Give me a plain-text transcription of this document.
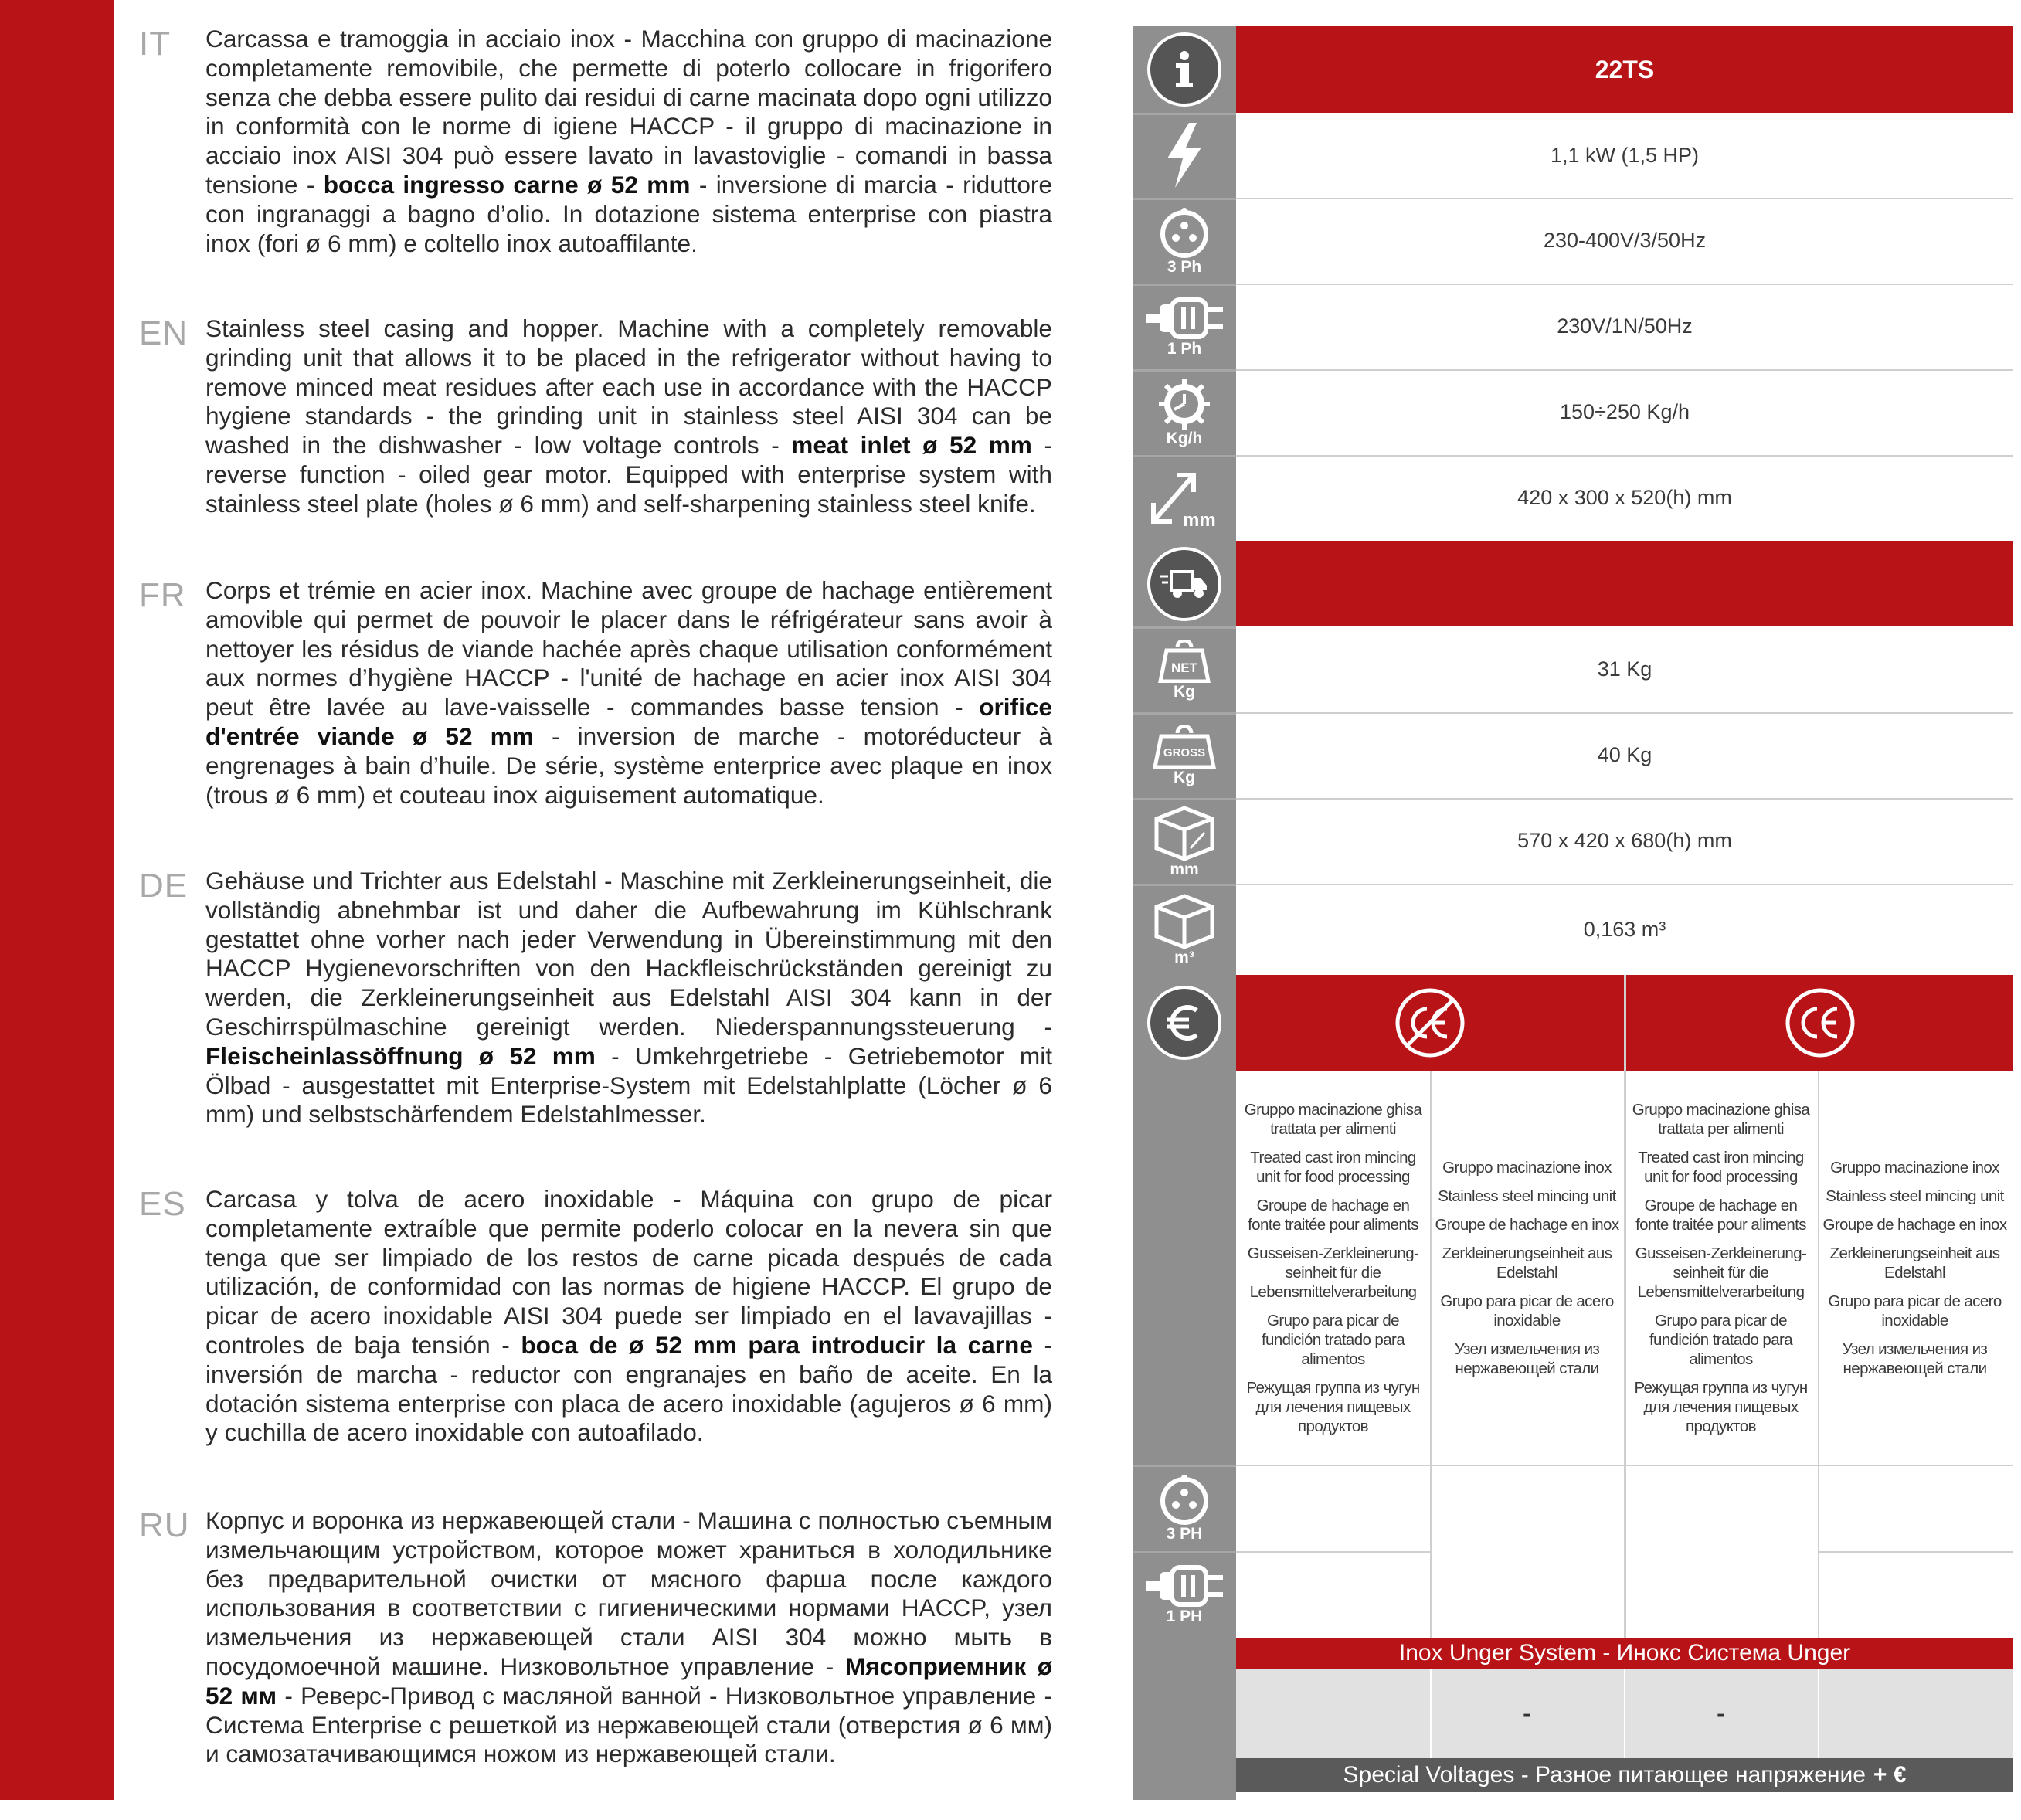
IT	Carcassa e tramoggia in acciaio inox - Macchina con gruppo di macinazione completamente removibile, che permette di poterlo collocare in frigorifero senza che debba essere pulito dai residui di carne macinata dopo ogni utilizzo in conformità con le norme di igiene HACCP - il gruppo di macinazione in acciaio inox AISI 304 può essere lavato in lavastoviglie - comandi in bassa tensione - bocca ingresso carne ø 52 mm - inversione di marcia - riduttore con ingranaggi a bagno d’olio. In dotazione sistema enterprise con piastra inox (fori ø 6 mm) e coltello inox autoaffilante.
EN Stainless steel casing and hopper. Machine with a completely removable grinding unit that allows it to be placed in the refrigerator without having to remove minced meat residues after each use in accordance with the HACCP hygiene standards - the grinding unit in stainless steel AISI 304 can be washed in the dishwasher - low voltage controls - meat inlet ø 52 mm - reverse function - oiled gear motor. Equipped with enterprise system with stainless steel plate (holes ø 6 mm) and self-sharpening stainless steel knife.
FR Corps et trémie en acier inox. Machine avec groupe de hachage entièrement amovible qui permet de pouvoir le placer dans le réfrigérateur sans avoir à nettoyer les résidus de viande hachée après chaque utilisation conformément aux normes d’hygiène HACCP - l'unité de hachage en acier inox AISI 304 peut être lavée au lave-vaisselle - commandes basse tension - orifice d'entrée viande ø 52 mm - inversion de marche - motoréducteur à engrenages à bain d’huile. De série, système enterprice avec plaque en inox (trous ø 6 mm) et couteau inox aiguisement automatique.
DE Gehäuse und Trichter aus Edelstahl - Maschine mit Zerkleinerungseinheit, die vollständig abnehmbar ist und daher die Aufbewahrung im Kühlschrank gestattet ohne vorher nach jeder Verwendung in Übereinstimmung mit den HACCP Hygienevorschriften von den Hackfleischrückständen gereinigt zu werden, die Zerkleinerungseinheit aus Edelstahl AISI 304 kann in der Geschirrspülmaschine gereinigt werden. Niederspannungssteuerung - Fleischeinlassöffnung ø 52 mm - Umkehrgetriebe - Getriebemotor mit Ölbad - ausgestattet mit Enterprise-System mit Edelstahlplatte (Löcher ø 6 mm) und selbstschärfendem Edelstahlmesser.
ES Carcasa y tolva de acero inoxidable - Máquina con grupo de picar completamente extraíble que permite poderlo colocar en la nevera sin que tenga que ser limpiado de los restos de carne picada después de cada utilización, de conformidad con las normas de higiene HACCP. El grupo de picar de acero inoxidable AISI 304 puede ser limpiado en el lavavajillas - controles de baja tensión - boca de ø 52 mm para introducir la carne - inversión de marcha - reductor con engranajes en baño de aceite. En la dotación sistema enterprise con placa de acero inoxidable (agujeros ø 6 mm) y cuchilla de acero inoxidable con autoafilado.
RU Корпус и воронка из нержавеющей стали - Машина с полностью съемным измельчающим устройством, которое может храниться в холодильнике без предварительной очистки от мясного фарша после каждого использования в соответствии с гигиеническими нормами HACCP, узел измельчения из нержавеющей стали AISI 304 можно мыть в посудомоечной машине. Низковольтное управление - Мясоприемник ø 52 мм - Реверс-Привод с масляной ванной - Низковольтное управление - Система Enterprise с решеткой из нержавеющей стали (отверстия ø 6 мм) и самозатачивающимся ножом из нержавеющей стали.
22TS
1,1 kW (1,5 HP)
3 Ph
230-400V/3/50Hz
1 Ph
230V/1N/50Hz
Kg/h
150÷250 Kg/h
mm
420 x 300 x 520(h) mm
NET
Kg
31 Kg
GROSS
Kg
40 Kg
mm
570 x 420 x 680(h) mm
m³
0,163 m³
Gruppo macinazione ghisa trattata per alimenti
Treated cast iron mincing unit for food processing
Groupe de hachage en fonte traitée pour aliments
Gusseisen-Zerkleinerung-seinheit für die Lebensmittelverarbeitung
Grupo para picar de fundición tratado para alimentos
Режущая группа из чугун для лечения пищевых продуктов
Gruppo macinazione inox
Stainless steel mincing unit
Groupe de hachage en inox
Zerkleinerungseinheit aus Edelstahl
Grupo para picar de acero inoxidable
Узел измельчения из нержавеющей стали
Gruppo macinazione ghisa trattata per alimenti
Treated cast iron mincing unit for food processing
Groupe de hachage en fonte traitée pour aliments
Gusseisen-Zerkleinerung-seinheit für die Lebensmittelverarbeitung
Grupo para picar de fundición tratado para alimentos
Режущая группа из чугун для лечения пищевых продуктов
Gruppo macinazione inox
Stainless steel mincing unit
Groupe de hachage en inox
Zerkleinerungseinheit aus Edelstahl
Grupo para picar de acero inoxidable
Узел измельчения из нержавеющей стали
3 PH
1 PH
Inox Unger System - Инокс Система Unger
-	-
Special Voltages - Разное питающее напряжение + €
